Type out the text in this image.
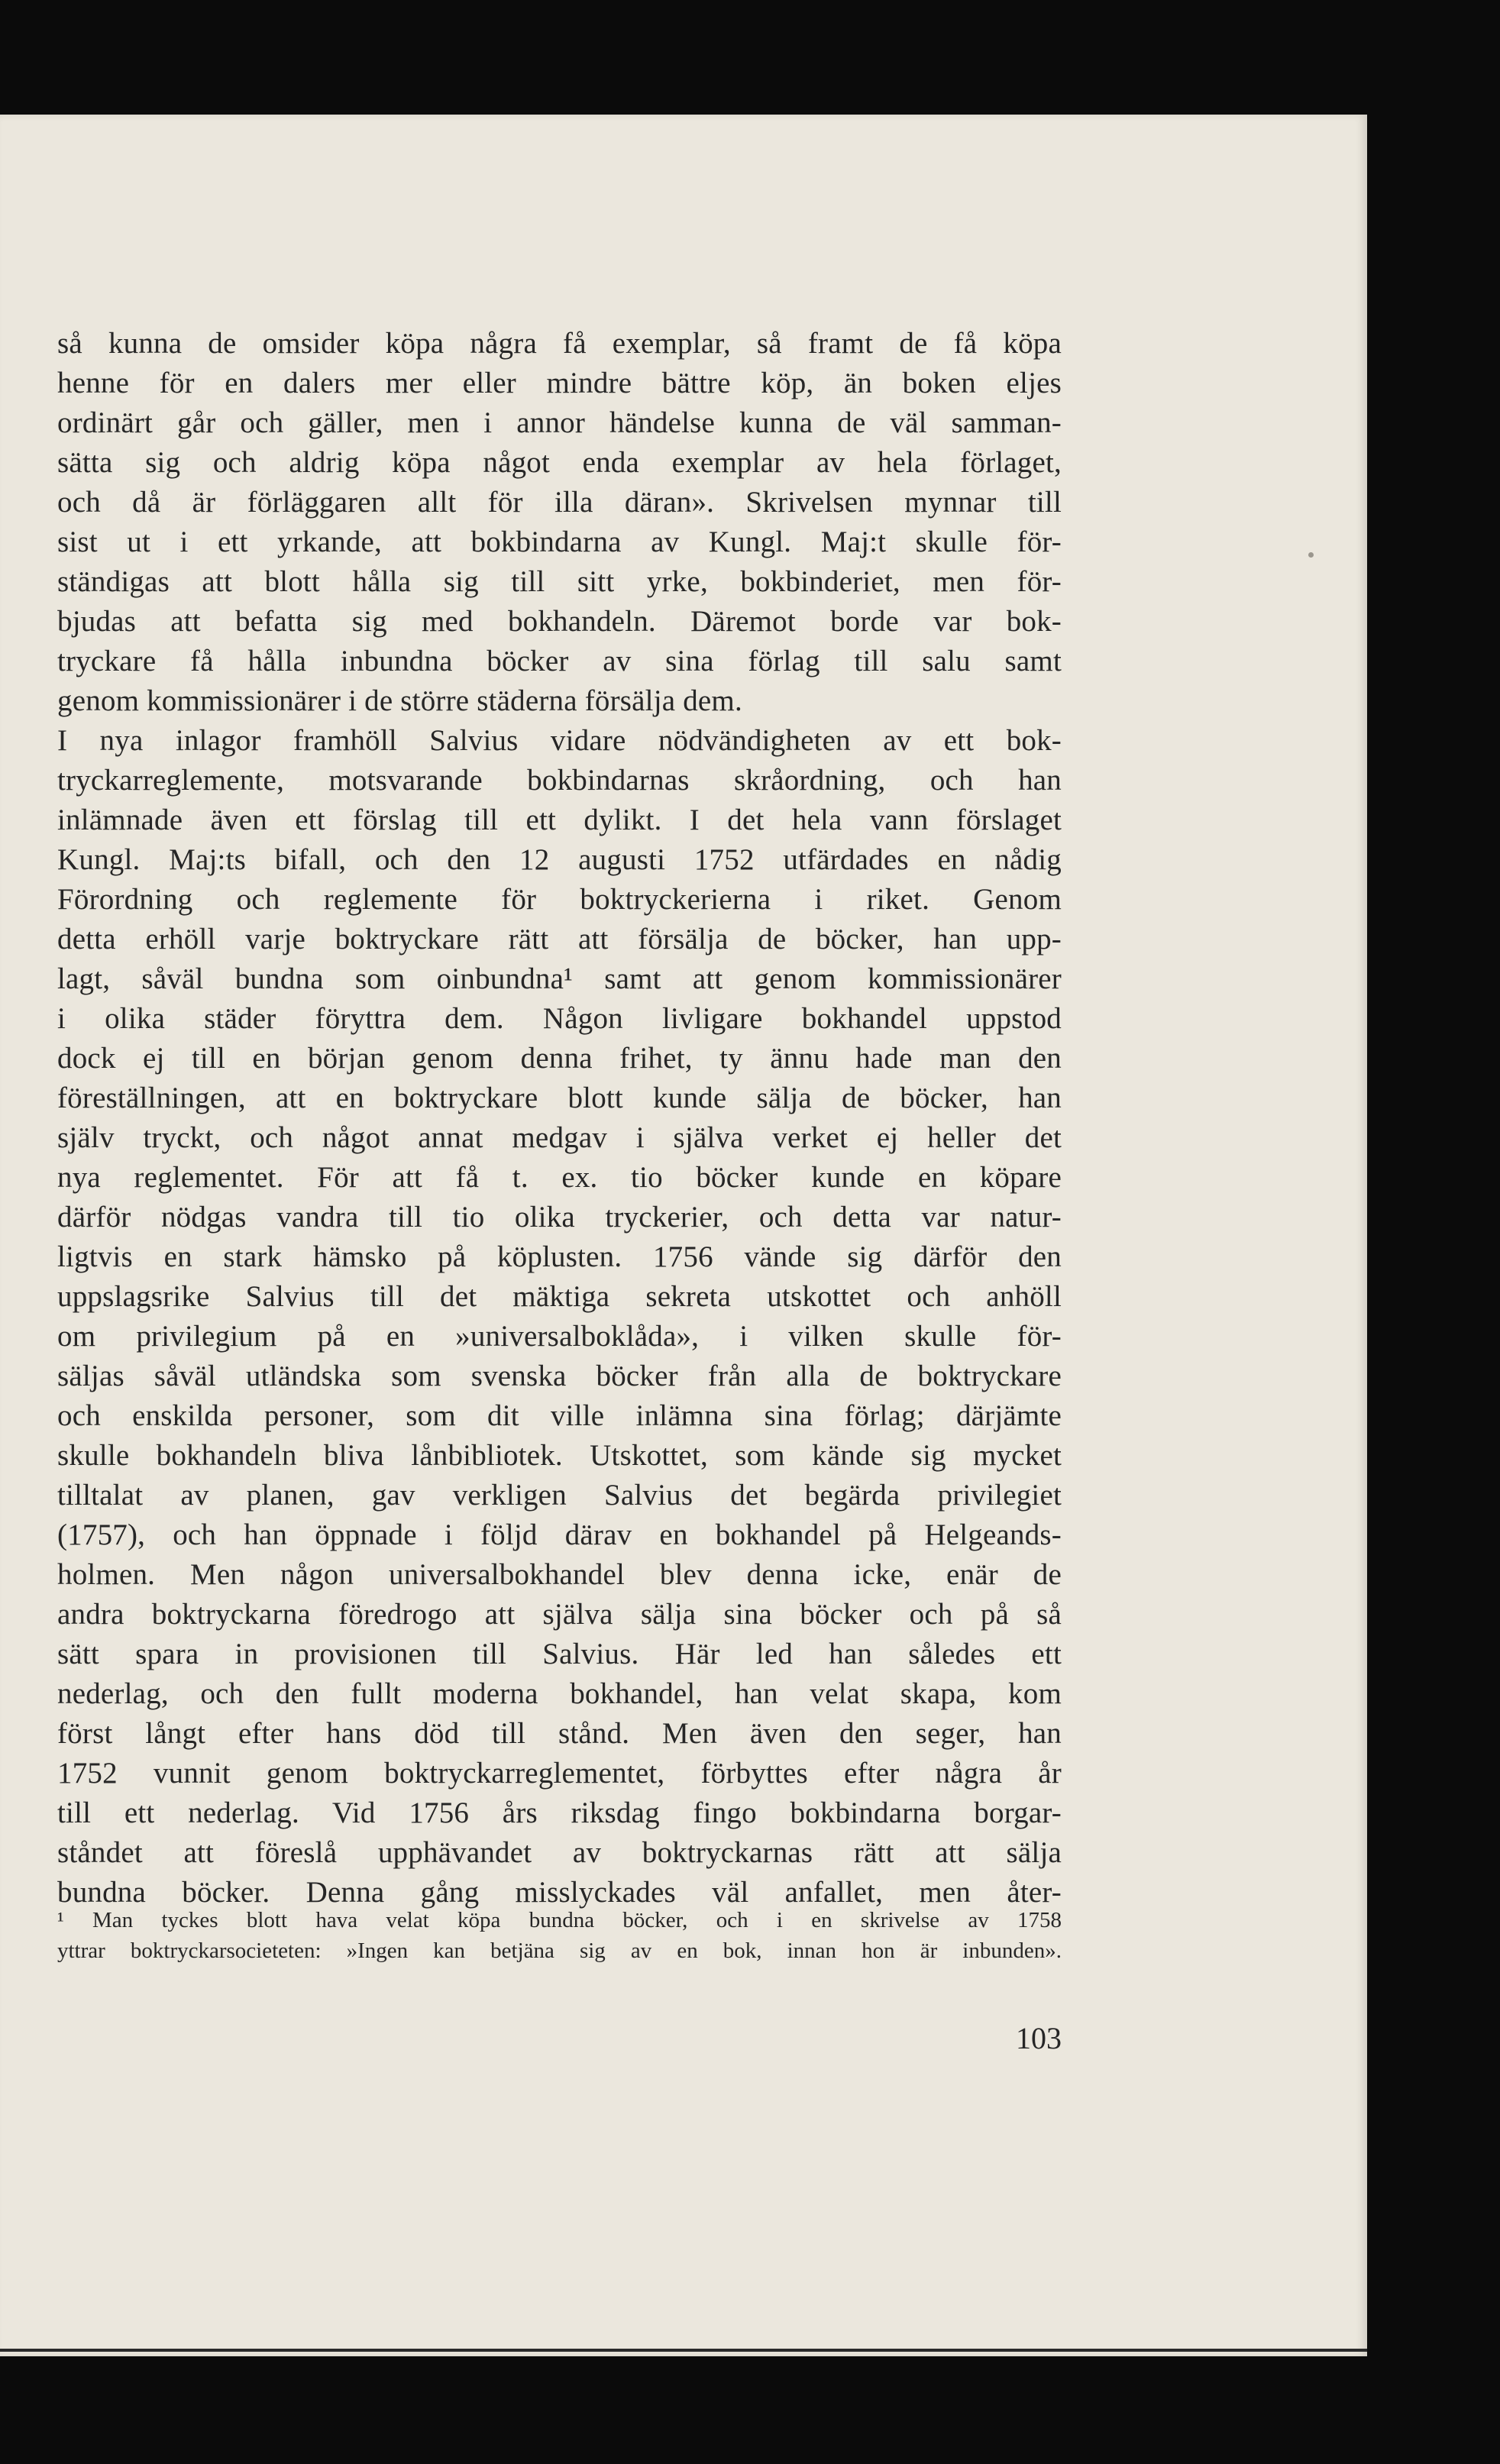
så kunna de omsider köpa några få exemplar, så framt de få köpa
henne för en dalers mer eller mindre bättre köp, än boken eljes
ordinärt går och gäller, men i annor händelse kunna de väl samman-
sätta sig och aldrig köpa något enda exemplar av hela förlaget,
och då är förläggaren allt för illa däran». Skrivelsen mynnar till
sist ut i ett yrkande, att bokbindarna av Kungl. Maj:t skulle för-
ständigas att blott hålla sig till sitt yrke, bokbinderiet, men för-
bjudas att befatta sig med bokhandeln. Däremot borde var bok-
tryckare få hålla inbundna böcker av sina förlag till salu samt
genom kommissionärer i de större städerna försälja dem.
I nya inlagor framhöll Salvius vidare nödvändigheten av ett bok-
tryckarreglemente, motsvarande bokbindarnas skråordning, och han
inlämnade även ett förslag till ett dylikt. I det hela vann förslaget
Kungl. Maj:ts bifall, och den 12 augusti 1752 utfärdades en nådig
Förordning och reglemente för boktryckerierna i riket. Genom
detta erhöll varje boktryckare rätt att försälja de böcker, han upp-
lagt, såväl bundna som oinbundna¹ samt att genom kommissionärer
i olika städer föryttra dem. Någon livligare bokhandel uppstod
dock ej till en början genom denna frihet, ty ännu hade man den
föreställningen, att en boktryckare blott kunde sälja de böcker, han
själv tryckt, och något annat medgav i själva verket ej heller det
nya reglementet. För att få t. ex. tio böcker kunde en köpare
därför nödgas vandra till tio olika tryckerier, och detta var natur-
ligtvis en stark hämsko på köplusten. 1756 vände sig därför den
uppslagsrike Salvius till det mäktiga sekreta utskottet och anhöll
om privilegium på en »universalboklåda», i vilken skulle för-
säljas såväl utländska som svenska böcker från alla de boktryckare
och enskilda personer, som dit ville inlämna sina förlag; därjämte
skulle bokhandeln bliva lånbibliotek. Utskottet, som kände sig mycket
tilltalat av planen, gav verkligen Salvius det begärda privilegiet
(1757), och han öppnade i följd därav en bokhandel på Helgeands-
holmen. Men någon universalbokhandel blev denna icke, enär de
andra boktryckarna föredrogo att själva sälja sina böcker och på så
sätt spara in provisionen till Salvius. Här led han således ett
nederlag, och den fullt moderna bokhandel, han velat skapa, kom
först långt efter hans död till stånd. Men även den seger, han
1752 vunnit genom boktryckarreglementet, förbyttes efter några år
till ett nederlag. Vid 1756 års riksdag fingo bokbindarna borgar-
ståndet att föreslå upphävandet av boktryckarnas rätt att sälja
bundna böcker. Denna gång misslyckades väl anfallet, men åter-
¹ Man tyckes blott hava velat köpa bundna böcker, och i en skrivelse av 1758
yttrar boktryckarsocieteten: »Ingen kan betjäna sig av en bok, innan hon är inbunden».
103
